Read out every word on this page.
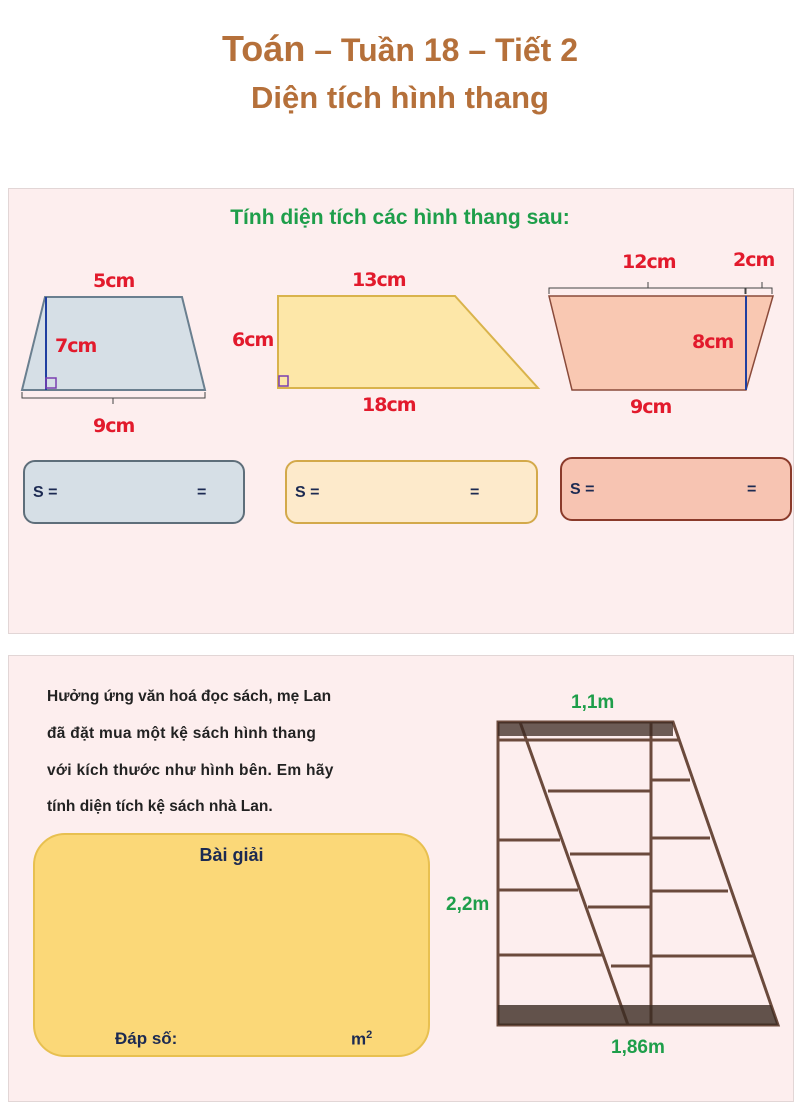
Toán – Tuần 18 – Tiết 2
Diện tích hình thang
Tính diện tích các hình thang sau:
5cm
7cm
9cm
13cm
6cm
18cm
12cm	2cm
8cm
9cm
S =	=	S =	=	S =	=
Hưởng ứng văn hoá đọc sách, mẹ Lan
đã đặt mua một kệ sách hình thang
với kích thước như hình bên. Em hãy
tính diện tích kệ sách nhà Lan.
Bài giải
Đáp số:	$m^2$
1,1m
2,2m
1,86m
